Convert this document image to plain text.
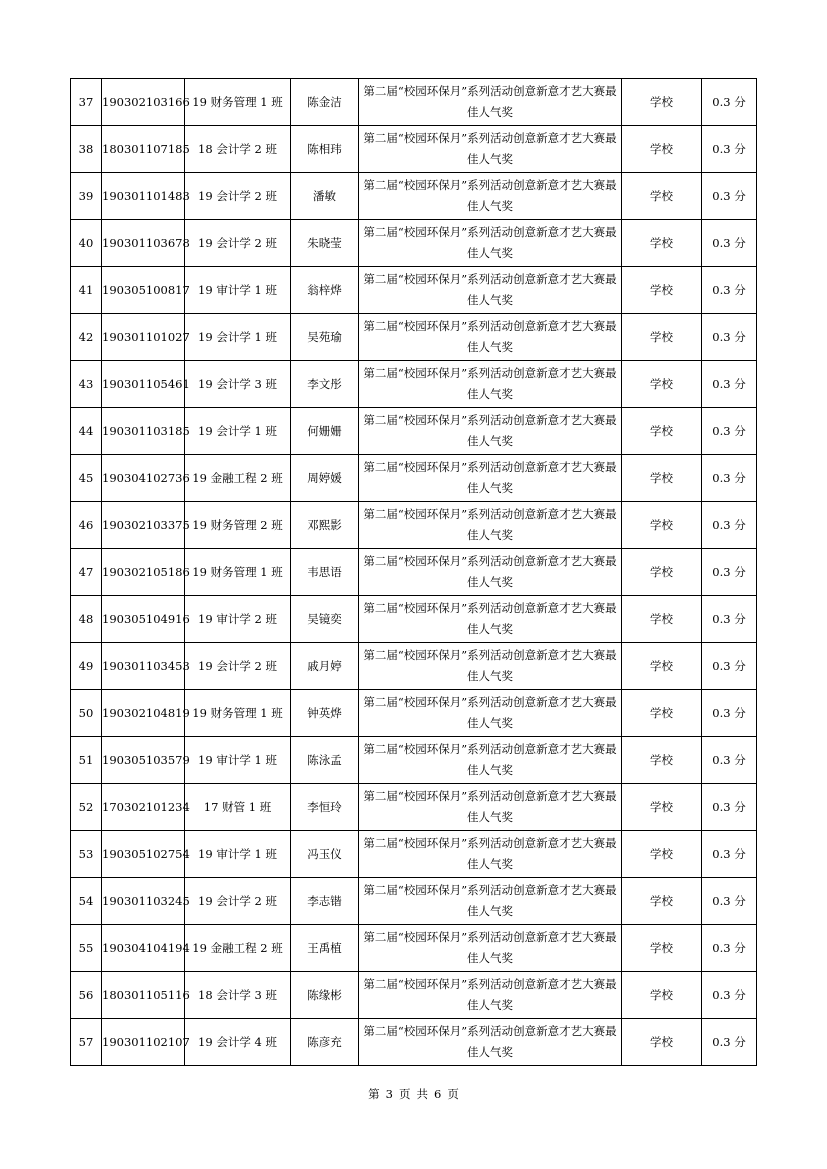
37	190302103166	19 财务管理 1 班	陈金洁	第二届“校园环保月”系列活动创意新意才艺大赛最佳人气奖	学校	0.3 分
38	180301107185	18 会计学 2 班	陈相玮	第二届“校园环保月”系列活动创意新意才艺大赛最佳人气奖	学校	0.3 分
39	190301101483	19 会计学 2 班	潘敏	第二届“校园环保月”系列活动创意新意才艺大赛最佳人气奖	学校	0.3 分
40	190301103678	19 会计学 2 班	朱晓莹	第二届“校园环保月”系列活动创意新意才艺大赛最佳人气奖	学校	0.3 分
41	190305100817	19 审计学 1 班	翁梓烨	第二届“校园环保月”系列活动创意新意才艺大赛最佳人气奖	学校	0.3 分
42	190301101027	19 会计学 1 班	吴苑瑜	第二届“校园环保月”系列活动创意新意才艺大赛最佳人气奖	学校	0.3 分
43	190301105461	19 会计学 3 班	李文彤	第二届“校园环保月”系列活动创意新意才艺大赛最佳人气奖	学校	0.3 分
44	190301103185	19 会计学 1 班	何姗姗	第二届“校园环保月”系列活动创意新意才艺大赛最佳人气奖	学校	0.3 分
45	190304102736	19 金融工程 2 班	周婷媛	第二届“校园环保月”系列活动创意新意才艺大赛最佳人气奖	学校	0.3 分
46	190302103375	19 财务管理 2 班	邓熙影	第二届“校园环保月”系列活动创意新意才艺大赛最佳人气奖	学校	0.3 分
47	190302105186	19 财务管理 1 班	韦思语	第二届“校园环保月”系列活动创意新意才艺大赛最佳人气奖	学校	0.3 分
48	190305104916	19 审计学 2 班	吴镜奕	第二届“校园环保月”系列活动创意新意才艺大赛最佳人气奖	学校	0.3 分
49	190301103453	19 会计学 2 班	戚月婷	第二届“校园环保月”系列活动创意新意才艺大赛最佳人气奖	学校	0.3 分
50	190302104819	19 财务管理 1 班	钟英烨	第二届“校园环保月”系列活动创意新意才艺大赛最佳人气奖	学校	0.3 分
51	190305103579	19 审计学 1 班	陈泳孟	第二届“校园环保月”系列活动创意新意才艺大赛最佳人气奖	学校	0.3 分
52	170302101234	17 财管 1 班	李恒玲	第二届“校园环保月”系列活动创意新意才艺大赛最佳人气奖	学校	0.3 分
53	190305102754	19 审计学 1 班	冯玉仪	第二届“校园环保月”系列活动创意新意才艺大赛最佳人气奖	学校	0.3 分
54	190301103245	19 会计学 2 班	李志锴	第二届“校园环保月”系列活动创意新意才艺大赛最佳人气奖	学校	0.3 分
55	190304104194	19 金融工程 2 班	王禹植	第二届“校园环保月”系列活动创意新意才艺大赛最佳人气奖	学校	0.3 分
56	180301105116	18 会计学 3 班	陈缘彬	第二届“校园环保月”系列活动创意新意才艺大赛最佳人气奖	学校	0.3 分
57	190301102107	19 会计学 4 班	陈彦充	第二届“校园环保月”系列活动创意新意才艺大赛最佳人气奖	学校	0.3 分
第 3 页 共 6 页
